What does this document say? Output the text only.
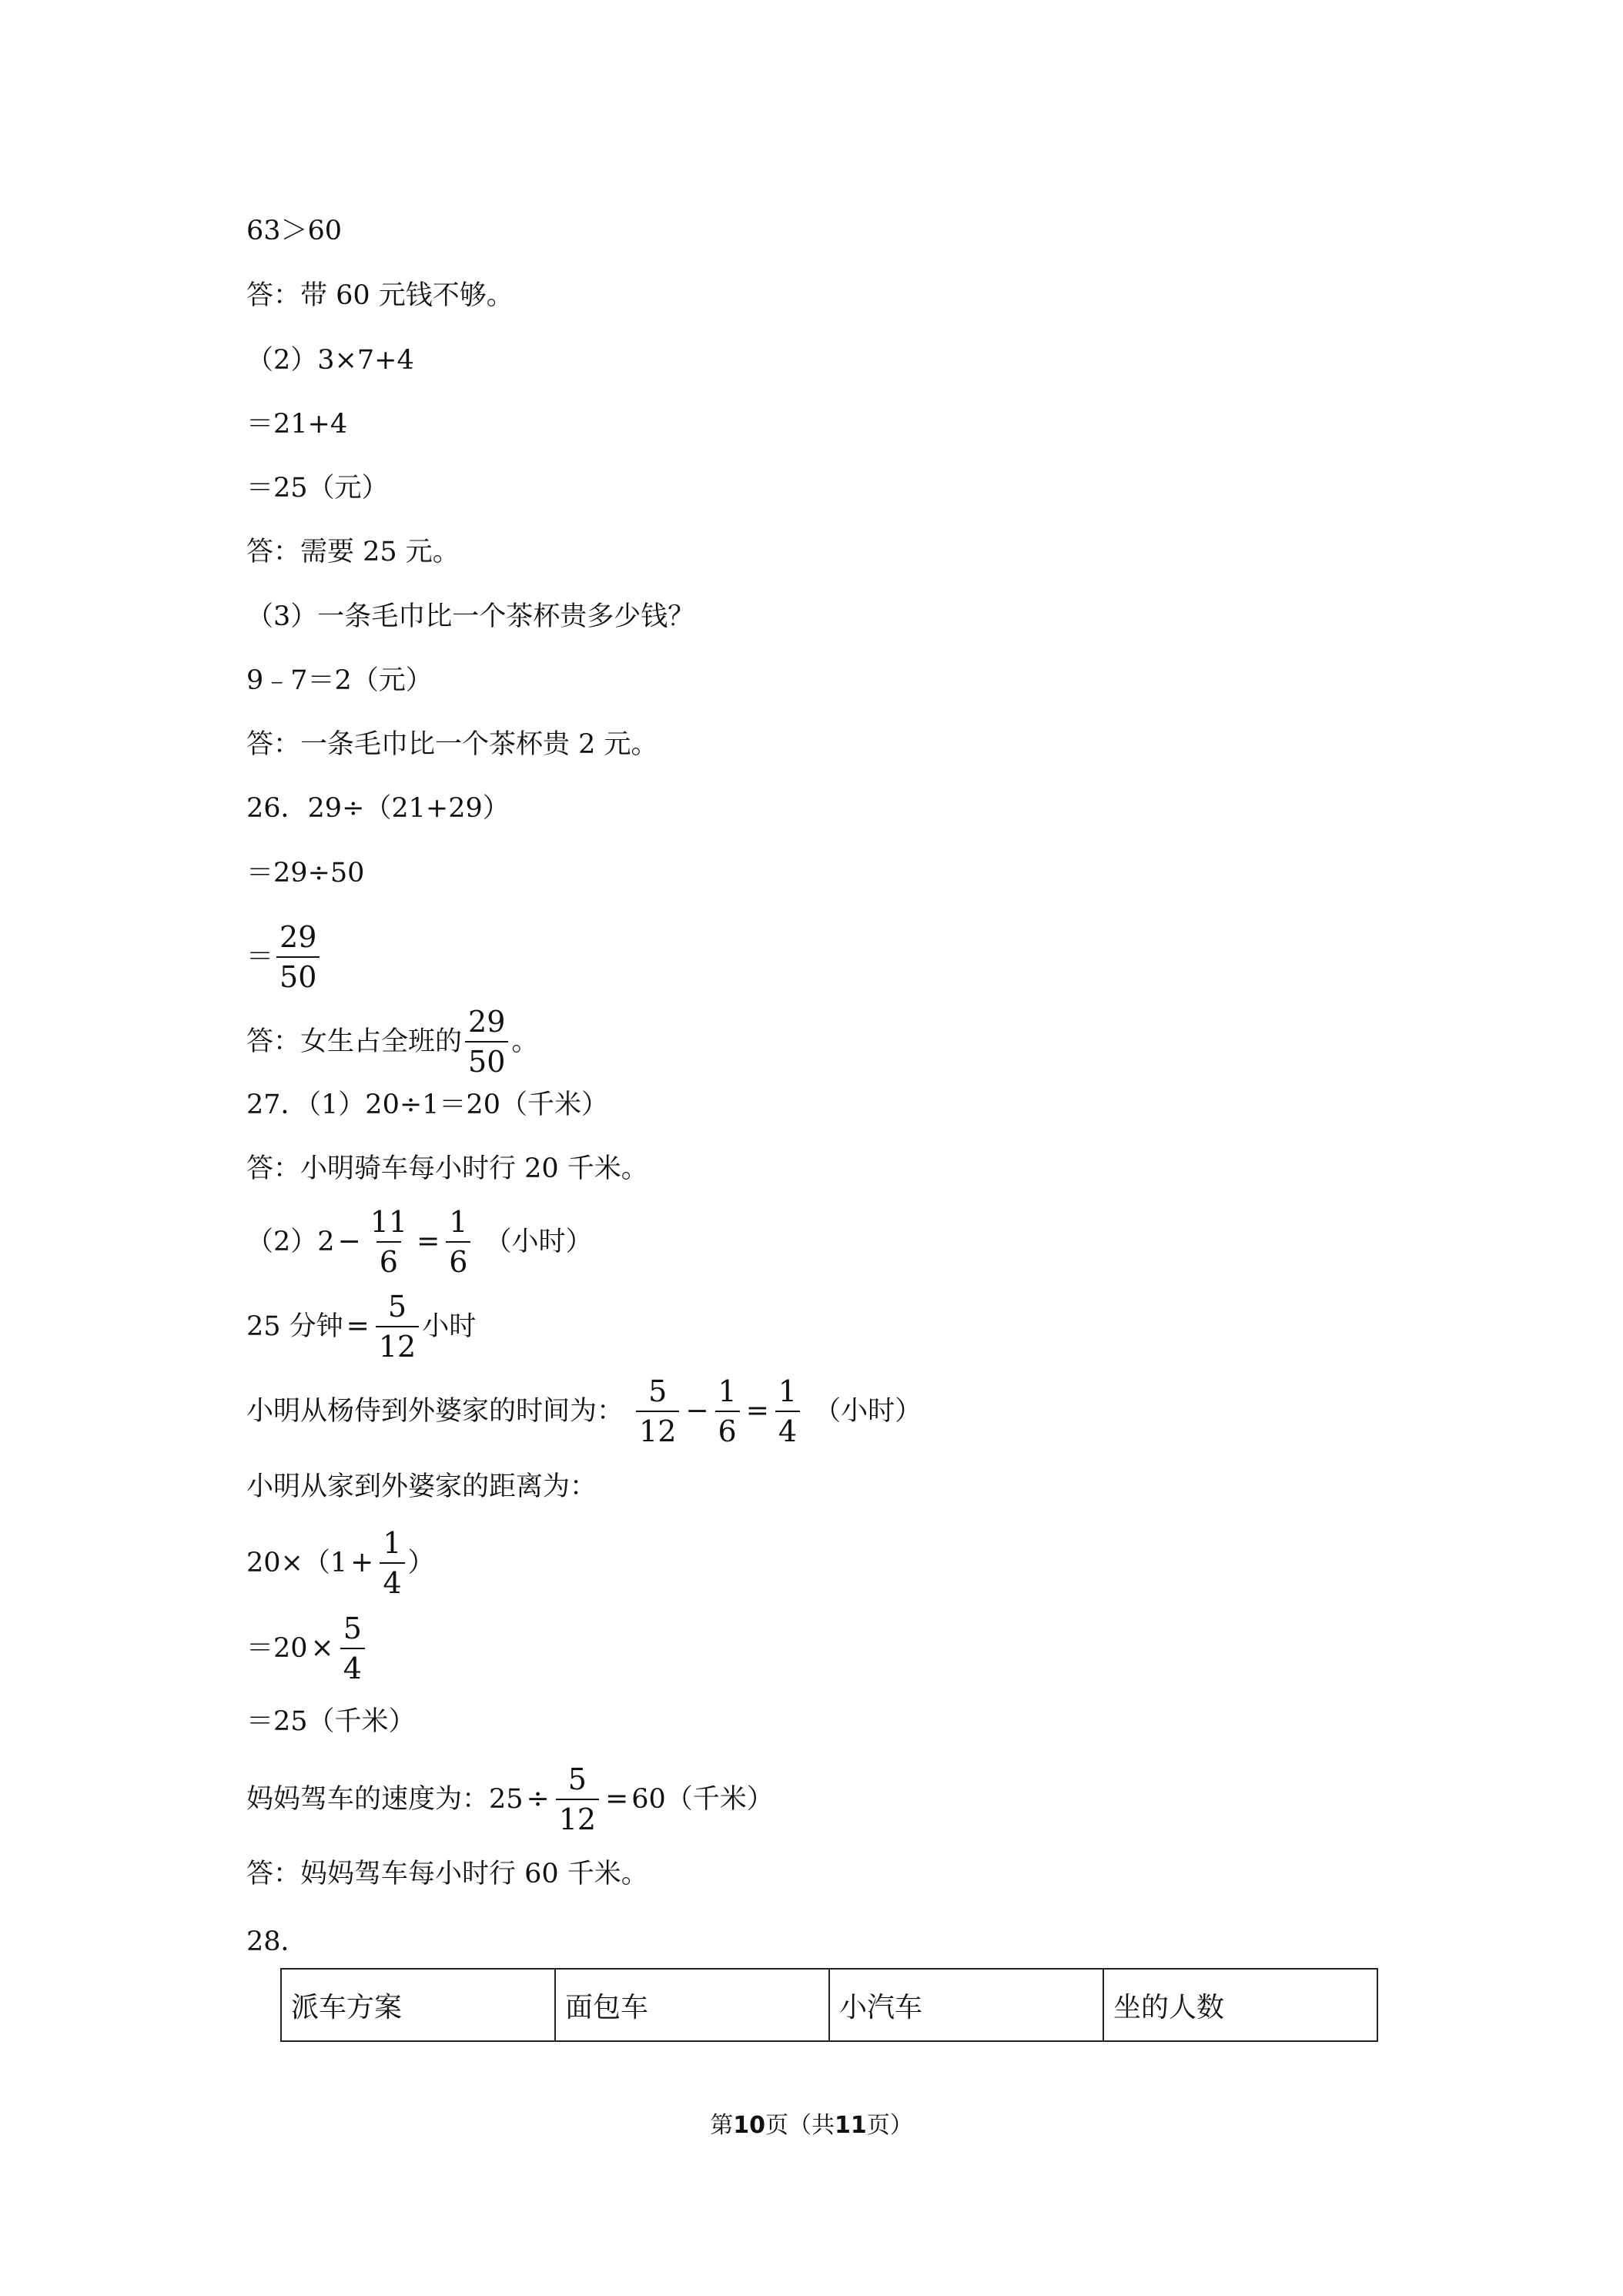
63＞60
答：带 60 元钱不够。
（2）3×7+4
＝21+4
＝25（元）
答：需要 25 元。
（3）一条毛巾比一个茶杯贵多少钱？
9﹣7＝2（元）
答：一条毛巾比一个茶杯贵 2 元。
26．29÷（21+29）
＝29÷50
＝ $\frac{29}{50}$
答：女生占全班的 $\frac{29}{50}$ 。
27．（1）20÷1＝20（千米）
答：小明骑车每小时行 20 千米。
$(2)2 - \frac{11}{6} = \frac{1}{6}$ （小时）
25 分钟 = $\frac{5}{12}$ 小时
小明从杨侍到外婆家的时间为： $\frac{5}{12} - \frac{1}{6} = \frac{1}{4}$ （小时）
小明从家到外婆家的距离为：
$20\times(1 + \frac{1}{4}$ ）
$=20 \times \frac{5}{4}$
＝25（千米）
妈妈驾车的速度为：$25 \div \frac{5}{12} = 60$（千米）
答：妈妈驾车每小时行 60 千米。
28．
派车方案	面包车	小汽车	坐的人数
第10页（共11页）
